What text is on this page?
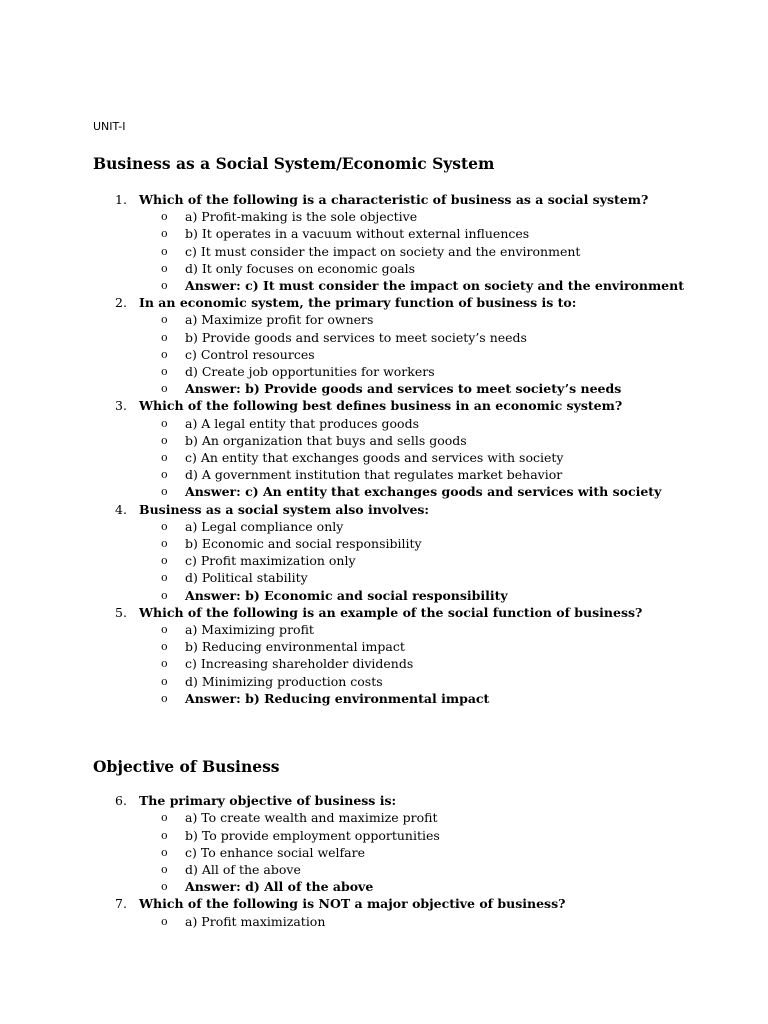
UNIT-I

Business as a Social System/Economic System
1. Which of the following is a characteristic of business as a social system?
o a) Profit-making is the sole objective
o b) It operates in a vacuum without external influences
o c) It must consider the impact on society and the environment
o d) It only focuses on economic goals
o Answer: c) It must consider the impact on society and the environment
2. In an economic system, the primary function of business is to:
o a) Maximize profit for owners
o b) Provide goods and services to meet society’s needs
o c) Control resources
o d) Create job opportunities for workers
o Answer: b) Provide goods and services to meet society’s needs
3. Which of the following best defines business in an economic system?
o a) A legal entity that produces goods
o b) An organization that buys and sells goods
o c) An entity that exchanges goods and services with society
o d) A government institution that regulates market behavior
o Answer: c) An entity that exchanges goods and services with society
4. Business as a social system also involves:
o a) Legal compliance only
o b) Economic and social responsibility
o c) Profit maximization only
o d) Political stability
o Answer: b) Economic and social responsibility
5. Which of the following is an example of the social function of business?
o a) Maximizing profit
o b) Reducing environmental impact
o c) Increasing shareholder dividends
o d) Minimizing production costs
o Answer: b) Reducing environmental impact
Objective of Business
6. The primary objective of business is:
o a) To create wealth and maximize profit
o b) To provide employment opportunities
o c) To enhance social welfare
o d) All of the above
o Answer: d) All of the above
7. Which of the following is NOT a major objective of business?
o a) Profit maximization
